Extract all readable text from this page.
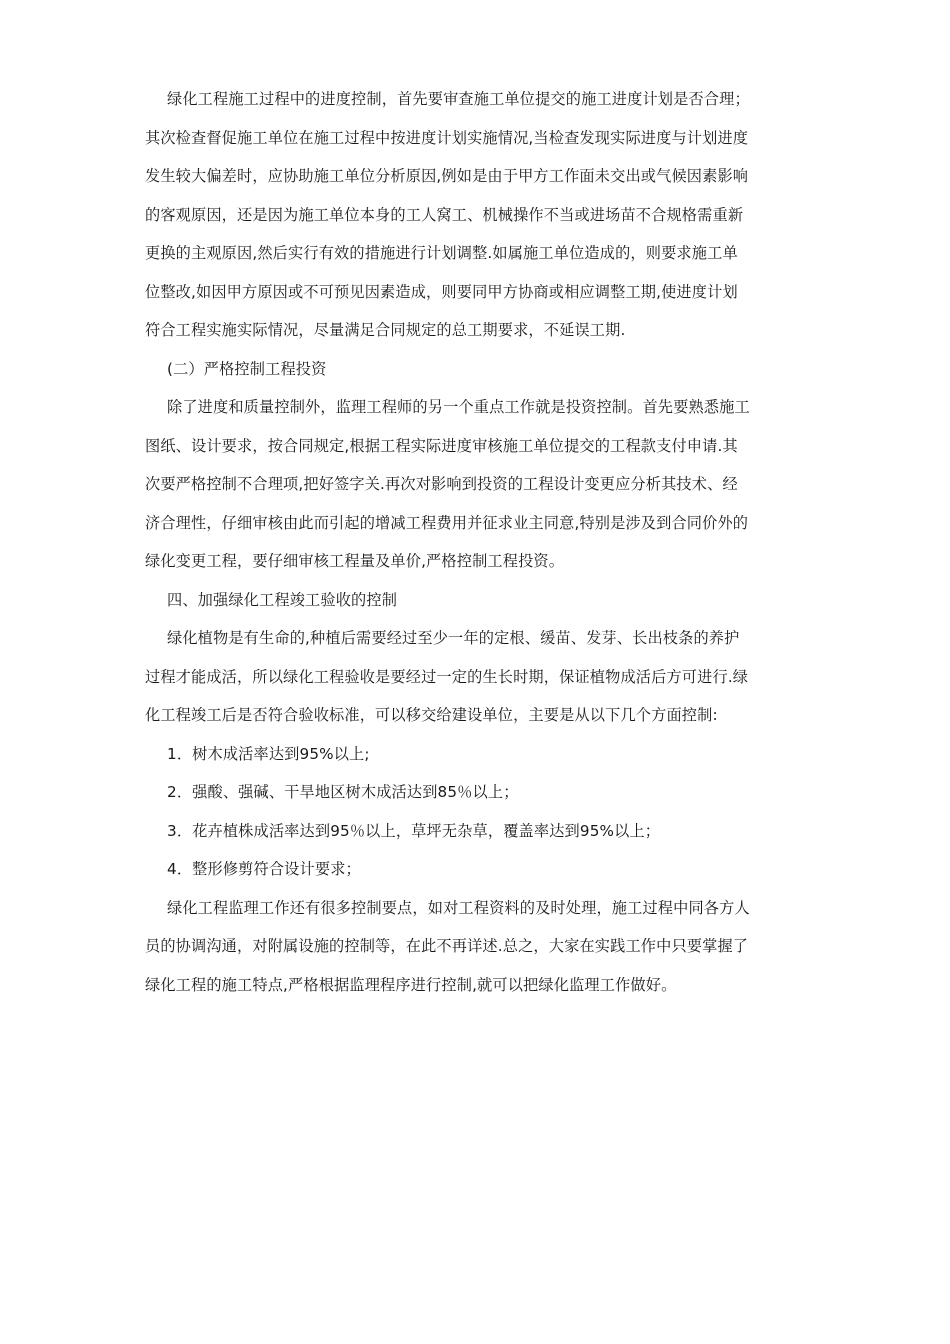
绿化工程施工过程中的进度控制，首先要审查施工单位提交的施工进度计划是否合理；
其次检查督促施工单位在施工过程中按进度计划实施情况,当检查发现实际进度与计划进度
发生较大偏差时，应协助施工单位分析原因,例如是由于甲方工作面未交出或气候因素影响
的客观原因，还是因为施工单位本身的工人窝工、机械操作不当或进场苗不合规格需重新
更换的主观原因,然后实行有效的措施进行计划调整.如属施工单位造成的，则要求施工单
位整改,如因甲方原因或不可预见因素造成，则要同甲方协商或相应调整工期,使进度计划
符合工程实施实际情况，尽量满足合同规定的总工期要求，不延误工期.
(二）严格控制工程投资
除了进度和质量控制外，监理工程师的另一个重点工作就是投资控制。首先要熟悉施工
图纸、设计要求，按合同规定,根据工程实际进度审核施工单位提交的工程款支付申请.其
次要严格控制不合理项,把好签字关.再次对影响到投资的工程设计变更应分析其技术、经
济合理性，仔细审核由此而引起的增减工程费用并征求业主同意,特别是涉及到合同价外的
绿化变更工程，要仔细审核工程量及单价,严格控制工程投资。
四、加强绿化工程竣工验收的控制
绿化植物是有生命的,种植后需要经过至少一年的定根、缓苗、发芽、长出枝条的养护
过程才能成活，所以绿化工程验收是要经过一定的生长时期，保证植物成活后方可进行.绿
化工程竣工后是否符合验收标准，可以移交给建设单位，主要是从以下几个方面控制:
1．树木成活率达到95%以上;
2．强酸、强碱、干旱地区树木成活达到85％以上；
3．花卉植株成活率达到95％以上，草坪无杂草，覆盖率达到95%以上；
4．整形修剪符合设计要求；
绿化工程监理工作还有很多控制要点，如对工程资料的及时处理，施工过程中同各方人
员的协调沟通，对附属设施的控制等，在此不再详述.总之，大家在实践工作中只要掌握了
绿化工程的施工特点,严格根据监理程序进行控制,就可以把绿化监理工作做好。
